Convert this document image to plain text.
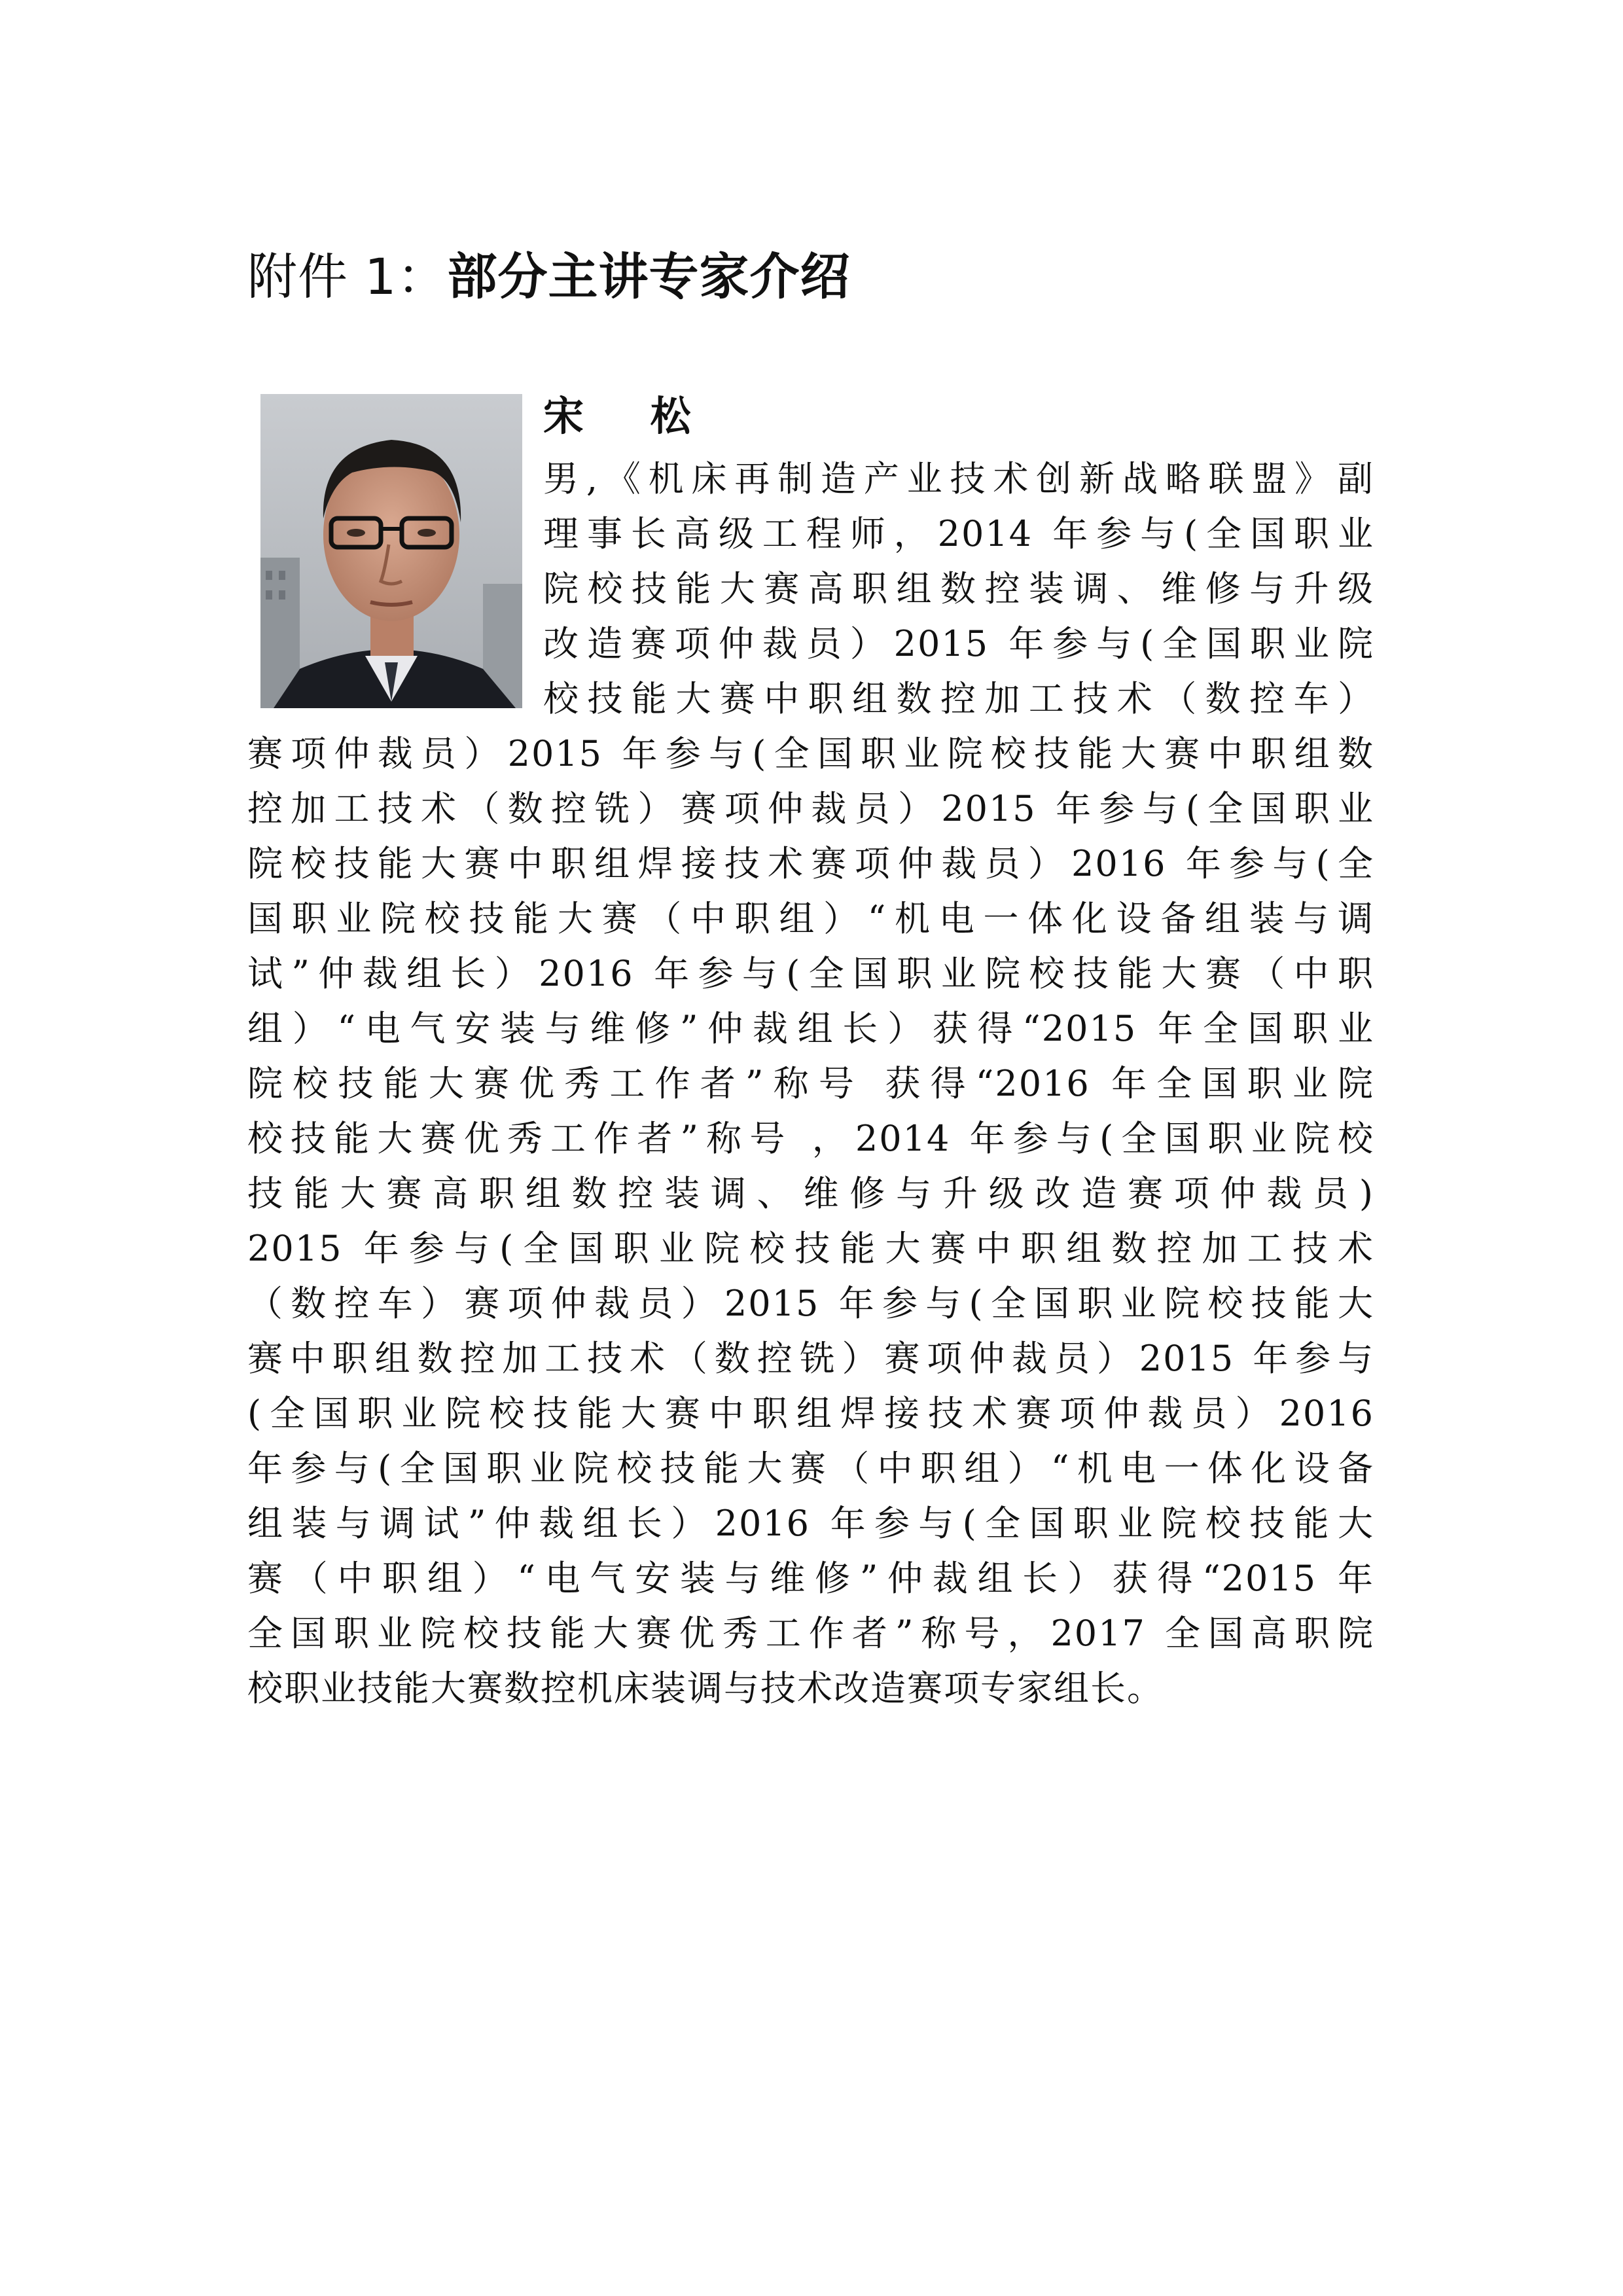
附件 1：部分主讲专家介绍
宋 松
男,《机床再制造产业技术创新战略联盟》副
理事长高级工程师，2014 年参与(全国职业
院校技能大赛高职组数控装调、维修与升级
改造赛项仲裁员）2015 年参与(全国职业院
校技能大赛中职组数控加工技术（数控车）
赛项仲裁员）2015 年参与(全国职业院校技能大赛中职组数
控加工技术（数控铣）赛项仲裁员）2015 年参与(全国职业
院校技能大赛中职组焊接技术赛项仲裁员）2016 年参与(全
国职业院校技能大赛（中职组）“机电一体化设备组装与调
试”仲裁组长）2016 年参与(全国职业院校技能大赛（中职
组）“电气安装与维修”仲裁组长）获得“2015 年全国职业
院校技能大赛优秀工作者”称号 获得“2016 年全国职业院
校技能大赛优秀工作者”称号 ，2014 年参与(全国职业院校
技能大赛高职组数控装调、维修与升级改造赛项仲裁员)
2015 年参与(全国职业院校技能大赛中职组数控加工技术
（数控车）赛项仲裁员）2015 年参与(全国职业院校技能大
赛中职组数控加工技术（数控铣）赛项仲裁员）2015 年参与
(全国职业院校技能大赛中职组焊接技术赛项仲裁员）2016
年参与(全国职业院校技能大赛（中职组）“机电一体化设备
组装与调试”仲裁组长）2016 年参与(全国职业院校技能大
赛（中职组）“电气安装与维修”仲裁组长）获得“2015 年
全国职业院校技能大赛优秀工作者”称号，2017 全国高职院
校职业技能大赛数控机床装调与技术改造赛项专家组长。
